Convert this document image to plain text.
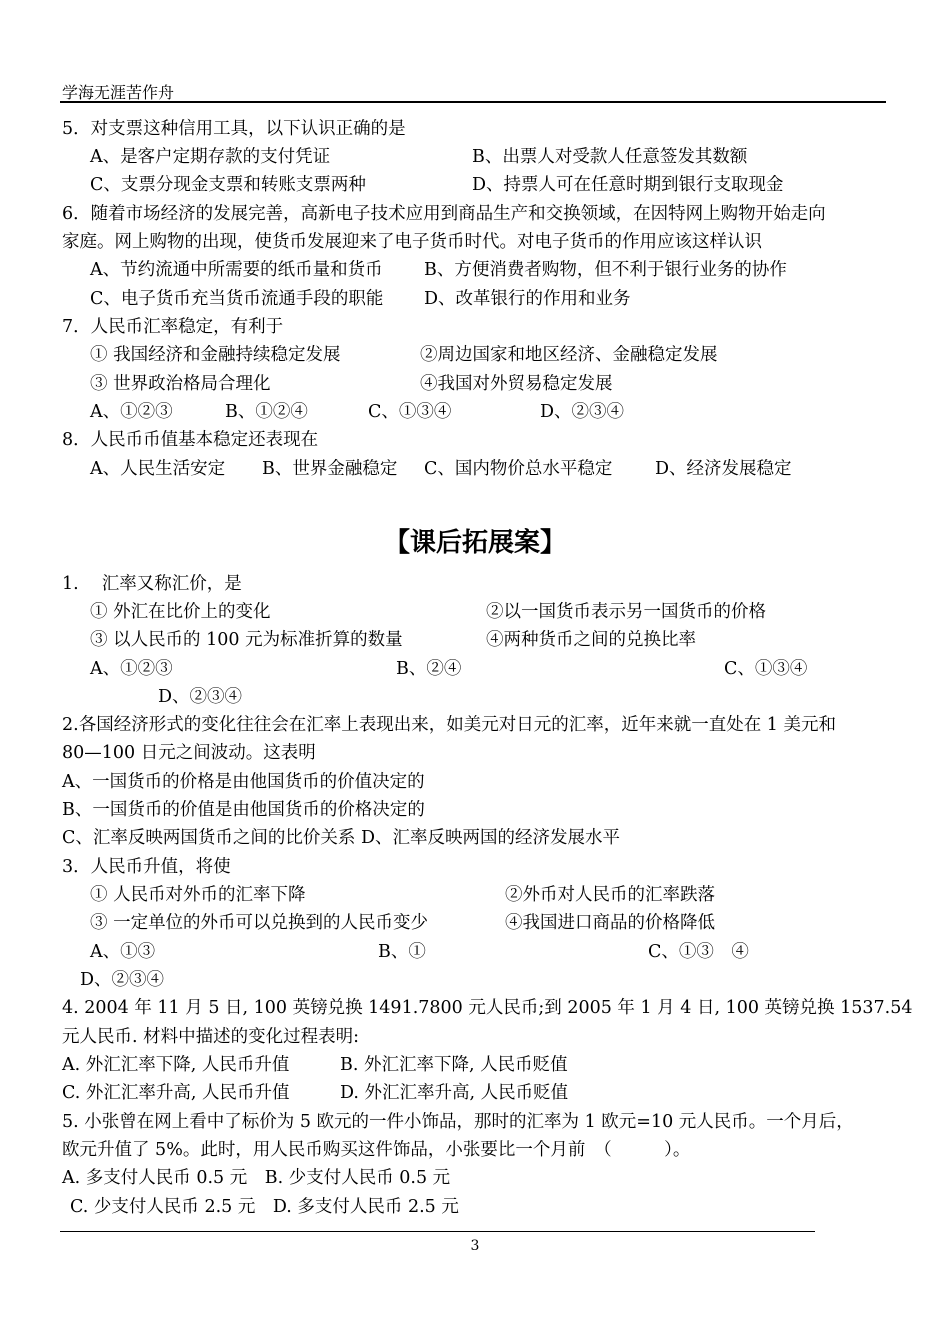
学海无涯苦作舟
5．对支票这种信用工具，以下认识正确的是
A、是客户定期存款的支付凭证	B、出票人对受款人任意签发其数额
C、支票分现金支票和转账支票两种	D、持票人可在任意时期到银行支取现金
6．随着市场经济的发展完善，高新电子技术应用到商品生产和交换领域，在因特网上购物开始走向
家庭。网上购物的出现，使货币发展迎来了电子货币时代。对电子货币的作用应该这样认识
A、节约流通中所需要的纸币量和货币 B、方便消费者购物，但不利于银行业务的协作
C、电子货币充当货币流通手段的职能 D、改革银行的作用和业务
7．人民币汇率稳定，有利于
① 我国经济和金融持续稳定发展	②周边国家和地区经济、金融稳定发展
③ 世界政治格局合理化	④我国对外贸易稳定发展
A、①②③	B、①②④	C、①③④	D、②③④
8．人民币币值基本稳定还表现在
A、人民生活安定 B、世界金融稳定 C、国内物价总水平稳定 D、经济发展稳定
【课后拓展案】
1.　 汇率又称汇价，是
① 外汇在比价上的变化	②以一国货币表示另一国货币的价格
③ 以人民币的 100 元为标准折算的数量	④两种货币之间的兑换比率
A、①②③	B、②④	C、①③④
D、②③④
2.各国经济形式的变化往往会在汇率上表现出来，如美元对日元的汇率，近年来就一直处在 1 美元和
80—100 日元之间波动。这表明
A、一国货币的价格是由他国货币的价值决定的
B、一国货币的价值是由他国货币的价格决定的
C、汇率反映两国货币之间的比价关系 D、汇率反映两国的经济发展水平
3．人民币升值，将使
① 人民币对外币的汇率下降	②外币对人民币的汇率跌落
③ 一定单位的外币可以兑换到的人民币变少	④我国进口商品的价格降低
A、①③	B、①	C、①③　④
D、②③④
4. 2004 年 11 月 5 日, 100 英镑兑换 1491.7800 元人民币;到 2005 年 1 月 4 日, 100 英镑兑换 1537.54
元人民币. 材料中描述的变化过程表明:
A. 外汇汇率下降, 人民币升值	B. 外汇汇率下降, 人民币贬值
C. 外汇汇率升高, 人民币升值	D. 外汇汇率升高, 人民币贬值
5. 小张曾在网上看中了标价为 5 欧元的一件小饰品，那时的汇率为 1 欧元=10 元人民币。一个月后，
欧元升值了 5%。此时，用人民币购买这件饰品，小张要比一个月前　（　　　）。
A. 多支付人民币 0.5 元　B. 少支付人民币 0.5 元
C. 少支付人民币 2.5 元　D. 多支付人民币 2.5 元
3
